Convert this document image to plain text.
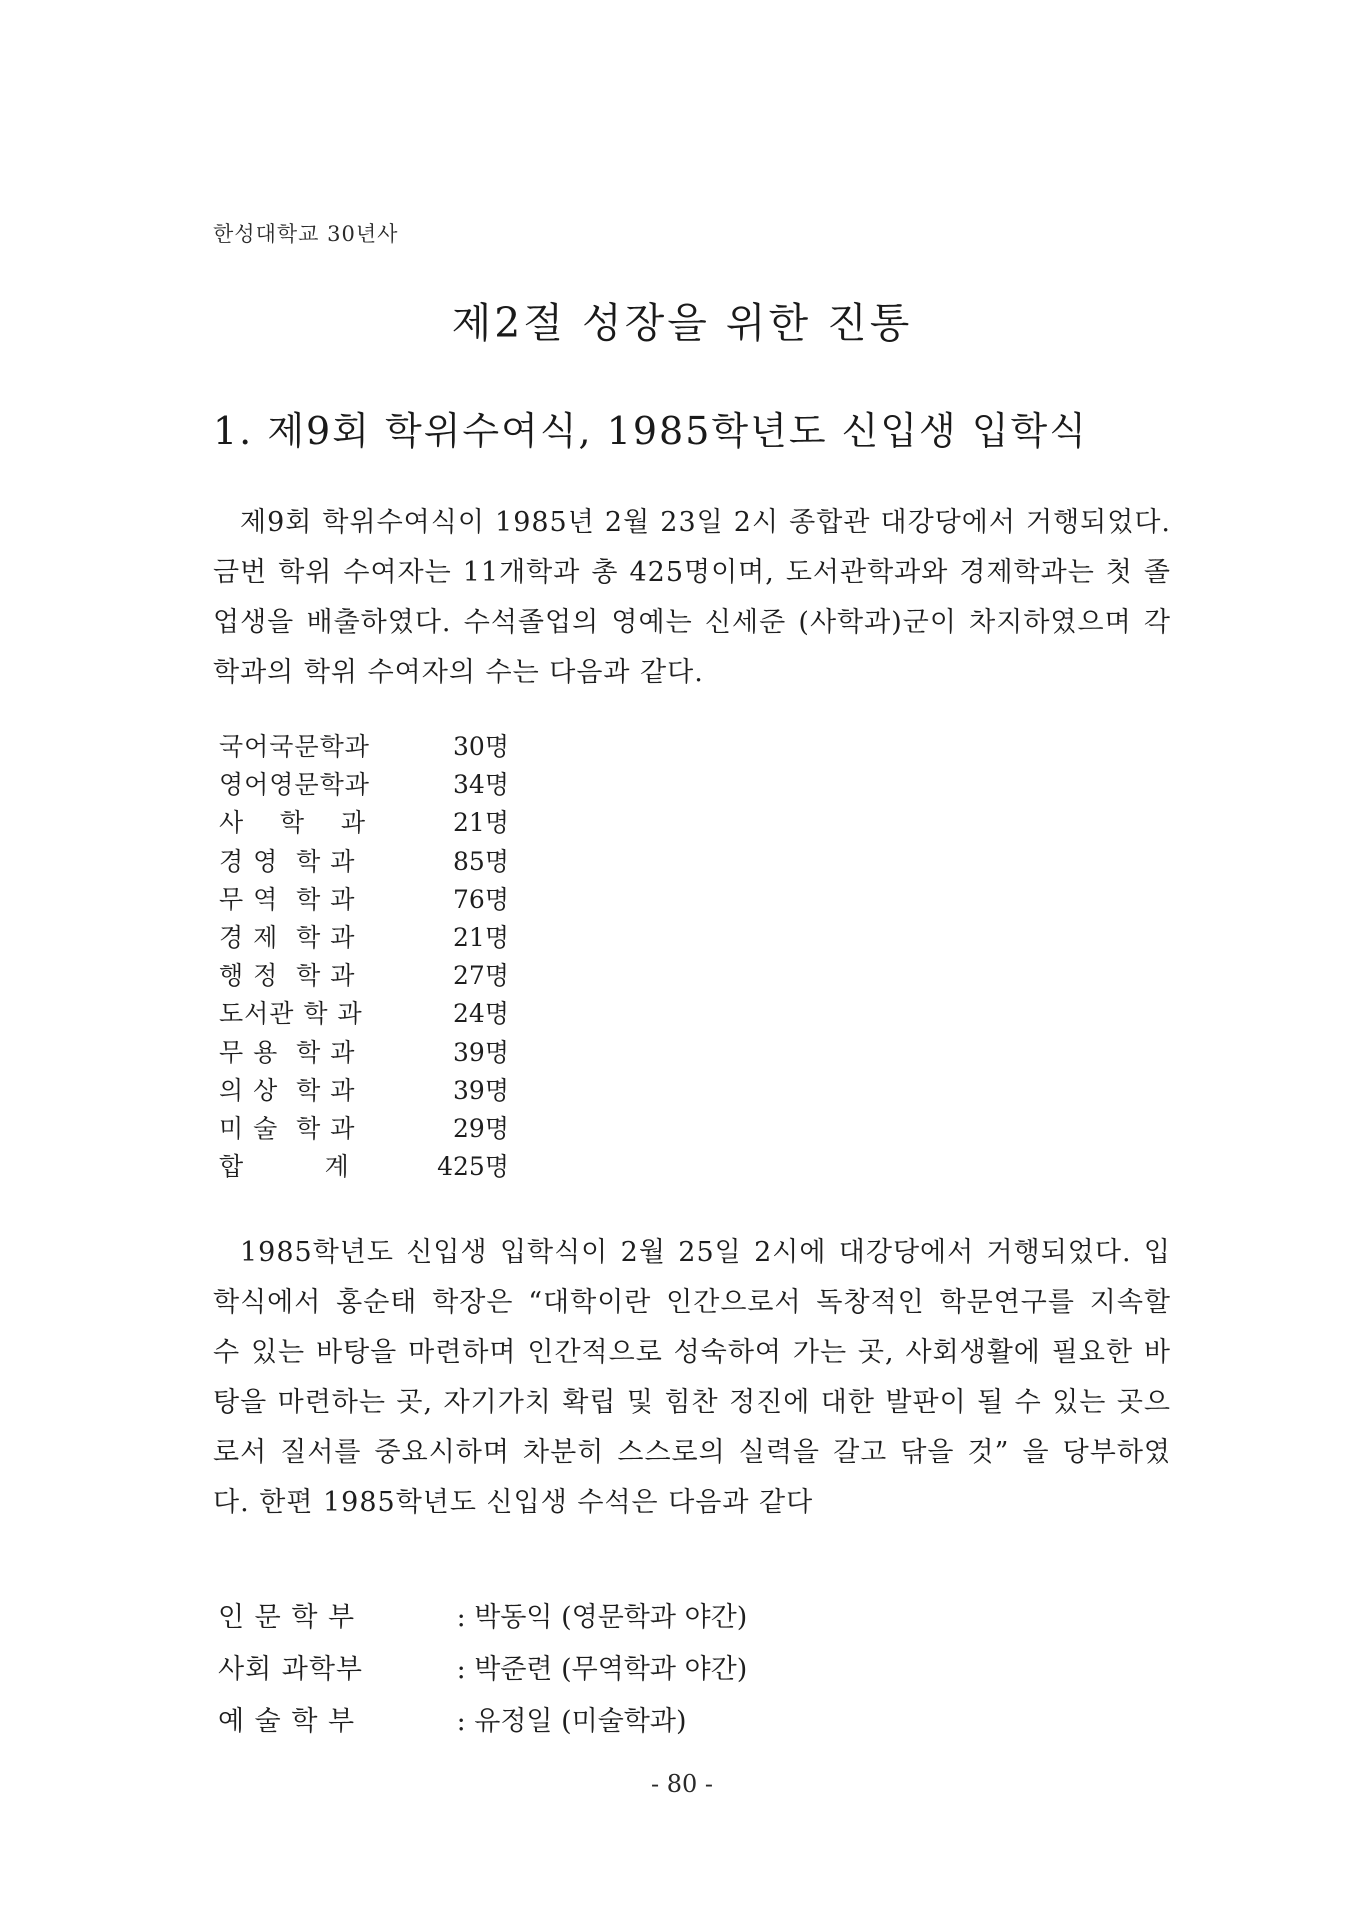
한성대학교 30년사
제2절 성장을 위한 진통
1. 제9회 학위수여식, 1985학년도 신입생 입학식

제9회 학위수여식이 1985년 2월 23일 2시 종합관 대강당에서 거행되었다. 금번 학위 수여자는 11개학과 총 425명이며, 도서관학과와 경제학과는 첫 졸업생을 배출하였다. 수석졸업의 영예는 신세준 (사학과)군이 차지하였으며 각 학과의 학위 수여자의 수는 다음과 같다.

국어국문학과	30명
영어영문학과	34명
사    학    과	21명
경 영  학 과	85명
무 역  학 과	76명
경 제  학 과	21명
행 정  학 과	27명
도서관 학 과	24명
무 용  학 과	39명
의 상  학 과	39명
미 술  학 과	29명
합         계	425명

1985학년도 신입생 입학식이 2월 25일 2시에 대강당에서 거행되었다. 입학식에서 홍순태 학장은 “대학이란 인간으로서 독창적인 학문연구를 지속할 수 있는 바탕을 마련하며 인간적으로 성숙하여 가는 곳, 사회생활에 필요한 바탕을 마련하는 곳, 자기가치 확립 및 힘찬 정진에 대한 발판이 될 수 있는 곳으로서 질서를 중요시하며 차분히 스스로의 실력을 갈고 닦을 것” 을 당부하였다. 한편 1985학년도 신입생 수석은 다음과 같다

인 문 학 부	: 박동익 (영문학과 야간)
사회 과학부	: 박준련 (무역학과 야간)
예 술 학 부	: 유정일 (미술학과)
- 80 -
